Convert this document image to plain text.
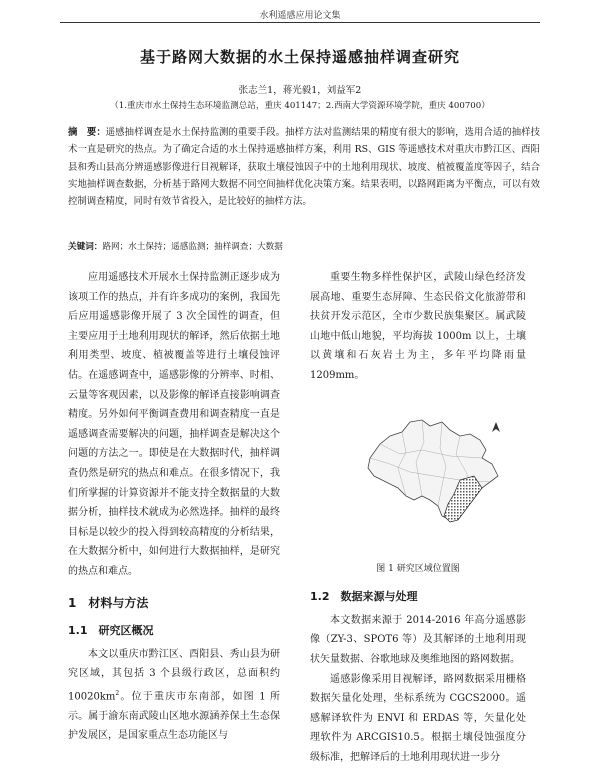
水利遥感应用论文集
基于路网大数据的水土保持遥感抽样调查研究
张志兰1，蒋光毅1，刘益军2
（1.重庆市水土保持生态环境监测总站，重庆 401147；2.西南大学资源环境学院，重庆 400700）
摘　要：遥感抽样调查是水土保持监测的重要手段。抽样方法对监测结果的精度有很大的影响，选用合适的抽样技术一直是研究的热点。为了确定合适的水土保持遥感抽样方案，利用 RS、GIS 等遥感技术对重庆市黔江区、酉阳县和秀山县高分辨遥感影像进行目视解译，获取土壤侵蚀因子中的土地利用现状、坡度、植被覆盖度等因子，结合实地抽样调查数据，分析基于路网大数据不同空间抽样优化决策方案。结果表明，以路网距离为平衡点，可以有效控制调查精度，同时有效节省投入，是比较好的抽样方法。
关键词：路网；水土保持；遥感监测；抽样调查；大数据

应用遥感技术开展水土保持监测正逐步成为该项工作的热点，并有许多成功的案例，我国先后应用遥感影像开展了 3 次全国性的调查，但主要应用于土地利用现状的解译，然后依据土地利用类型、坡度、植被覆盖等进行土壤侵蚀评估。在遥感调查中，遥感影像的分辨率、时相、云量等客观因素，以及影像的解译直接影响调查精度。另外如何平衡调查费用和调查精度一直是遥感调查需要解决的问题，抽样调查是解决这个问题的方法之一。即使是在大数据时代，抽样调查仍然是研究的热点和难点。在很多情况下，我们所掌握的计算资源并不能支持全数据量的大数据分析，抽样技术就成为必然选择。抽样的最终目标是以较少的投入得到较高精度的分析结果，在大数据分析中，如何进行大数据抽样，是研究的热点和难点。

1　材料与方法
1.1　研究区概况

本文以重庆市黔江区、酉阳县、秀山县为研究区域，其包括 3 个县级行政区，总面积约 $10020km^2$。位于重庆市东南部，如图 1 所示。属于渝东南武陵山区地水源涵养保土生态保护发展区，是国家重点生态功能区与

重要生物多样性保护区，武陵山绿色经济发展高地、重要生态屏障、生态民俗文化旅游带和扶贫开发示范区，全市少数民族集聚区。属武陵山地中低山地貌，平均海拔 1000m 以上，土壤以黄壤和石灰岩土为主，多年平均降雨量 1209mm。

图 1 研究区域位置图
1.2　数据来源与处理

本文数据来源于 2014-2016 年高分遥感影像（ZY-3、SPOT6 等）及其解译的土地利用现状矢量数据、谷歌地球及奥维地图的路网数据。

遥感影像采用目视解译，路网数据采用栅格数据矢量化处理，坐标系统为 CGCS2000。遥感解译软件为 ENVI 和 ERDAS 等，矢量化处理软件为 ARCGIS10.5。根据土壤侵蚀强度分级标准，把解译后的土地利用现状进一步分
